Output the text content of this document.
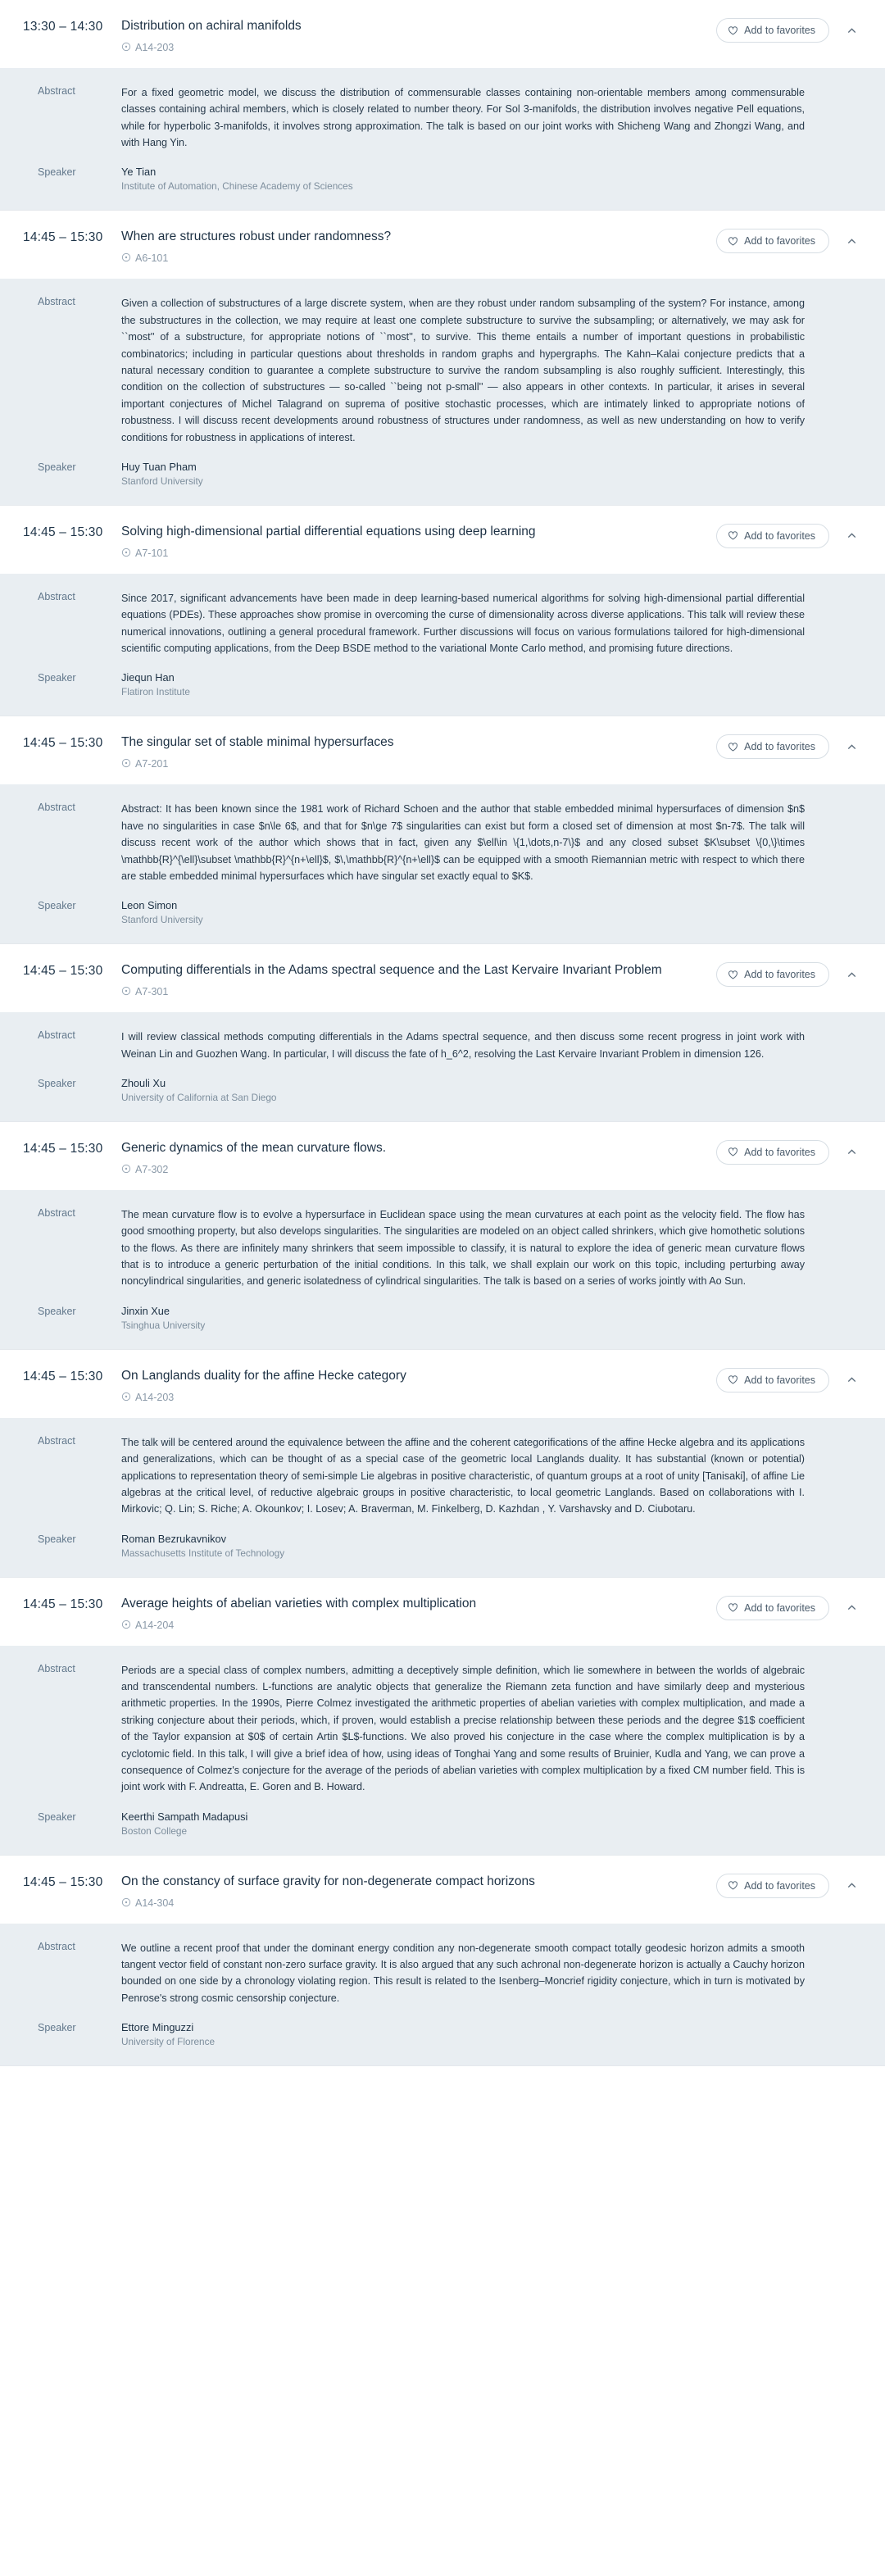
13:30 – 14:30	Distribution on achiral manifolds
A14-203
Add to favorites
Abstract	For a fixed geometric model, we discuss the distribution of commensurable classes containing non-orientable members among commensurable classes containing achiral members, which is closely related to number theory. For Sol 3-manifolds, the distribution involves negative Pell equations, while for hyperbolic 3-manifolds, it involves strong approximation. The talk is based on our joint works with Shicheng Wang and Zhongzi Wang, and with Hang Yin.

Speaker	Ye Tian

Institute of Automation, Chinese Academy of Sciences

14:45 – 15:30	When are structures robust under randomness?
A6-101
Add to favorites
Abstract	Given a collection of substructures of a large discrete system, when are they robust under random subsampling of the system? For instance, among the substructures in the collection, we may require at least one complete substructure to survive the subsampling; or alternatively, we may ask for ``most'' of a substructure, for appropriate notions of ``most'', to survive. This theme entails a number of important questions in probabilistic combinatorics; including in particular questions about thresholds in random graphs and hypergraphs. The Kahn–Kalai conjecture predicts that a natural necessary condition to guarantee a complete substructure to survive the random subsampling is also roughly sufficient. Interestingly, this condition on the collection of substructures — so-called ``being not p-small'' — also appears in other contexts. In particular, it arises in several important conjectures of Michel Talagrand on suprema of positive stochastic processes, which are intimately linked to appropriate notions of robustness. I will discuss recent developments around robustness of structures under randomness, as well as new understanding on how to verify conditions for robustness in applications of interest.

Speaker	Huy Tuan Pham

Stanford University

14:45 – 15:30	Solving high-dimensional partial differential equations using deep learning
A7-101
Add to favorites
Abstract	Since 2017, significant advancements have been made in deep learning-based numerical algorithms for solving high-dimensional partial differential equations (PDEs). These approaches show promise in overcoming the curse of dimensionality across diverse applications. This talk will review these numerical innovations, outlining a general procedural framework. Further discussions will focus on various formulations tailored for high-dimensional scientific computing applications, from the Deep BSDE method to the variational Monte Carlo method, and promising future directions.

Speaker	Jiequn Han

Flatiron Institute

14:45 – 15:30	The singular set of stable minimal hypersurfaces
A7-201
Add to favorites
Abstract	Abstract: It has been known since the 1981 work of Richard Schoen and the author that stable embedded minimal hypersurfaces of dimension $n$ have no singularities in case $n\le 6$, and that for $n\ge 7$ singularities can exist but form a closed set of dimension at most $n-7$. The talk will discuss recent work of the author which shows that in fact, given any $\ell\in \{1,\dots,n-7\}$ and any closed subset $K\subset \{0,\}\times \mathbb{R}^{\ell}\subset \mathbb{R}^{n+\ell}$, $\,\mathbb{R}^{n+\ell}$ can be equipped with a smooth Riemannian metric with respect to which there are stable embedded minimal hypersurfaces which have singular set exactly equal to $K$.

Speaker	Leon Simon

Stanford University

14:45 – 15:30	Computing differentials in the Adams spectral sequence and the Last Kervaire Invariant Problem
A7-301
Add to favorites
Abstract	I will review classical methods computing differentials in the Adams spectral sequence, and then discuss some recent progress in joint work with Weinan Lin and Guozhen Wang. In particular, I will discuss the fate of h_6^2, resolving the Last Kervaire Invariant Problem in dimension 126.

Speaker	Zhouli Xu

University of California at San Diego

14:45 – 15:30	Generic dynamics of the mean curvature flows.
A7-302
Add to favorites
Abstract	The mean curvature flow is to evolve a hypersurface in Euclidean space using the mean curvatures at each point as the velocity field. The flow has good smoothing property, but also develops singularities. The singularities are modeled on an object called shrinkers, which give homothetic solutions to the flows. As there are infinitely many shrinkers that seem impossible to classify, it is natural to explore the idea of generic mean curvature flows that is to introduce a generic perturbation of the initial conditions. In this talk, we shall explain our work on this topic, including perturbing away noncylindrical singularities, and generic isolatedness of cylindrical singularities. The talk is based on a series of works jointly with Ao Sun.

Speaker	Jinxin Xue

Tsinghua University

14:45 – 15:30	On Langlands duality for the affine Hecke category
A14-203
Add to favorites
Abstract	The talk will be centered around the equivalence between the affine and the coherent categorifications of the affine Hecke algebra and its applications and generalizations, which can be thought of as a special case of the geometric local Langlands duality. It has substantial (known or potential) applications to representation theory of semi-simple Lie algebras in positive characteristic, of quantum groups at a root of unity [Tanisaki], of affine Lie algebras at the critical level, of reductive algebraic groups in positive characteristic, to local geometric Langlands. Based on collaborations with I. Mirkovic; Q. Lin; S. Riche; A. Okounkov; I. Losev; A. Braverman, M. Finkelberg, D. Kazhdan , Y. Varshavsky and D. Ciubotaru.

Speaker	Roman Bezrukavnikov

Massachusetts Institute of Technology

14:45 – 15:30	Average heights of abelian varieties with complex multiplication
A14-204
Add to favorites
Abstract	Periods are a special class of complex numbers, admitting a deceptively simple definition, which lie somewhere in between the worlds of algebraic and transcendental numbers. L-functions are analytic objects that generalize the Riemann zeta function and have similarly deep and mysterious arithmetic properties. In the 1990s, Pierre Colmez investigated the arithmetic properties of abelian varieties with complex multiplication, and made a striking conjecture about their periods, which, if proven, would establish a precise relationship between these periods and the degree $1$ coefficient of the Taylor expansion at $0$ of certain Artin $L$-functions. We also proved his conjecture in the case where the complex multiplication is by a cyclotomic field. In this talk, I will give a brief idea of how, using ideas of Tonghai Yang and some results of Bruinier, Kudla and Yang, we can prove a consequence of Colmez's conjecture for the average of the periods of abelian varieties with complex multiplication by a fixed CM number field. This is joint work with F. Andreatta, E. Goren and B. Howard.

Speaker	Keerthi Sampath Madapusi

Boston College

14:45 – 15:30	On the constancy of surface gravity for non-degenerate compact horizons
A14-304
Add to favorites
Abstract	We outline a recent proof that under the dominant energy condition any non-degenerate smooth compact totally geodesic horizon admits a smooth tangent vector field of constant non-zero surface gravity. It is also argued that any such achronal non-degenerate horizon is actually a Cauchy horizon bounded on one side by a chronology violating region. This result is related to the Isenberg–Moncrief rigidity conjecture, which in turn is motivated by Penrose's strong cosmic censorship conjecture.

Speaker	Ettore Minguzzi

University of Florence
